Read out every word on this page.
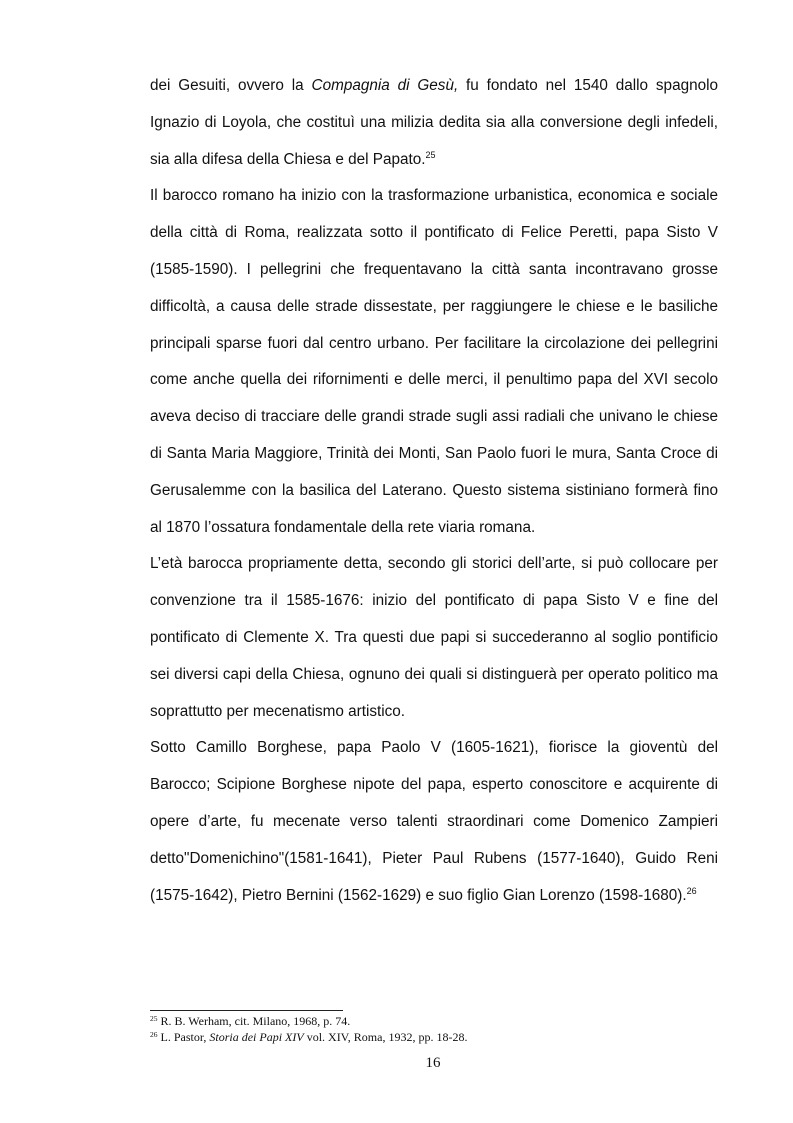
dei Gesuiti, ovvero la Compagnia di Gesù, fu fondato nel 1540 dallo spagnolo Ignazio di Loyola, che costituì una milizia dedita sia alla conversione degli infedeli, sia alla difesa della Chiesa e del Papato.$^{25}$

Il barocco romano ha inizio con la trasformazione urbanistica, economica e sociale della città di Roma, realizzata sotto il pontificato di Felice Peretti, papa Sisto V (1585-1590). I pellegrini che frequentavano la città santa incontravano grosse difficoltà, a causa delle strade dissestate, per raggiungere le chiese e le basiliche principali sparse fuori dal centro urbano. Per facilitare la circolazione dei pellegrini come anche quella dei rifornimenti e delle merci, il penultimo papa del XVI secolo aveva deciso di tracciare delle grandi strade sugli assi radiali che univano le chiese di Santa Maria Maggiore, Trinità dei Monti, San Paolo fuori le mura, Santa Croce di Gerusalemme con la basilica del Laterano. Questo sistema sistiniano formerà fino al 1870 l’ossatura fondamentale della rete viaria romana.

L’età barocca propriamente detta, secondo gli storici dell’arte, si può collocare per convenzione tra il 1585-1676: inizio del pontificato di papa Sisto V e fine del pontificato di Clemente X. Tra questi due papi si succederanno al soglio pontificio sei diversi capi della Chiesa, ognuno dei quali si distinguerà per operato politico ma soprattutto per mecenatismo artistico.

Sotto Camillo Borghese, papa Paolo V (1605-1621), fiorisce la gioventù del Barocco; Scipione Borghese nipote del papa, esperto conoscitore e acquirente di opere d’arte, fu mecenate verso talenti straordinari come Domenico Zampieri detto"Domenichino"(1581-1641), Pieter Paul Rubens (1577-1640), Guido Reni (1575-1642), Pietro Bernini (1562-1629) e suo figlio Gian Lorenzo (1598-1680).$^{26}$

$^{25}$ R. B. Werham, cit. Milano, 1968, p. 74.

$^{26}$ L. Pastor, Storia dei Papi XIV vol. XIV, Roma, 1932, pp. 18-28.

16
